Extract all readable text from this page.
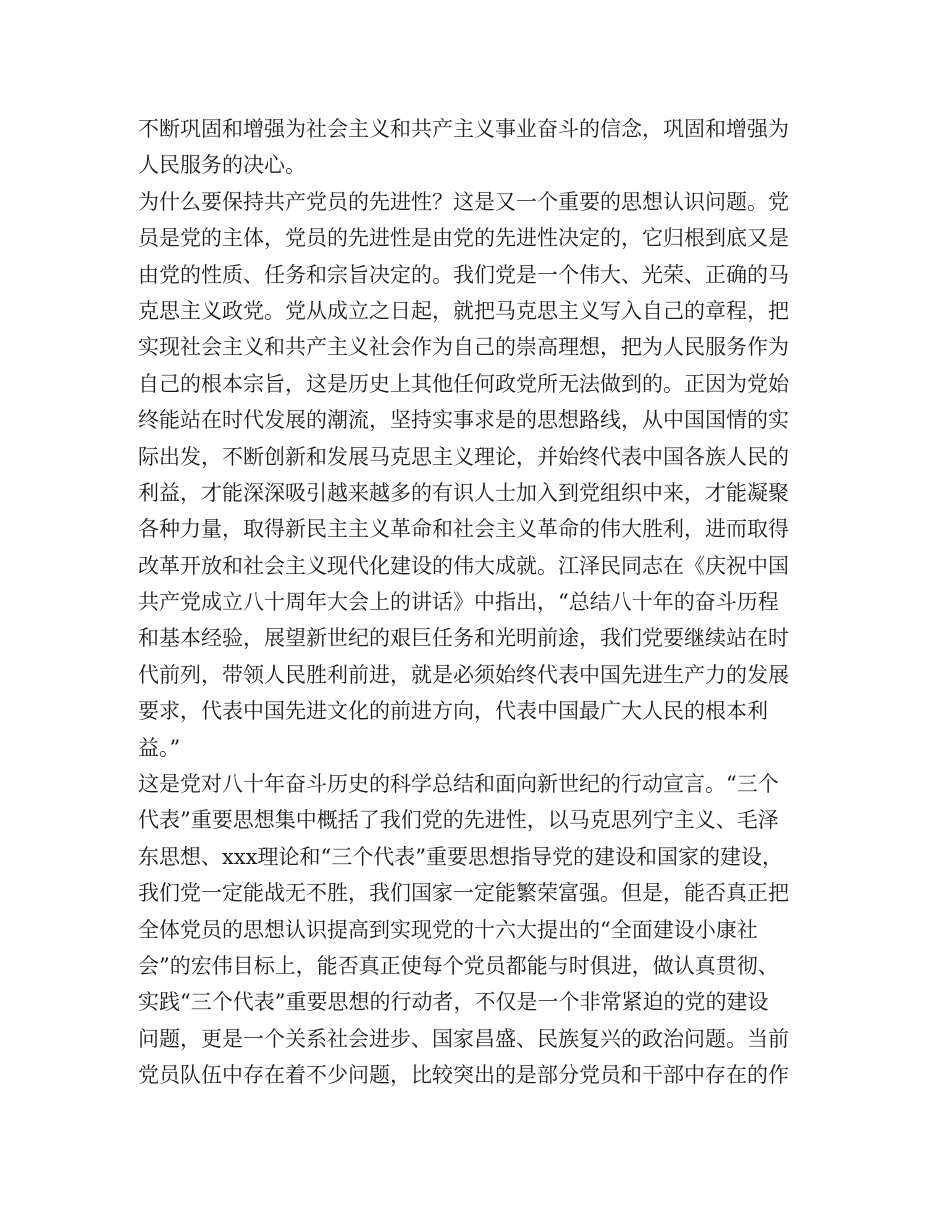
不断巩固和增强为社会主义和共产主义事业奋斗的信念，巩固和增强为
人民服务的决心。
为什么要保持共产党员的先进性？这是又一个重要的思想认识问题。党
员是党的主体，党员的先进性是由党的先进性决定的，它归根到底又是
由党的性质、任务和宗旨决定的。我们党是一个伟大、光荣、正确的马
克思主义政党。党从成立之日起，就把马克思主义写入自己的章程，把
实现社会主义和共产主义社会作为自己的崇高理想，把为人民服务作为
自己的根本宗旨，这是历史上其他任何政党所无法做到的。正因为党始
终能站在时代发展的潮流，坚持实事求是的思想路线，从中国国情的实
际出发，不断创新和发展马克思主义理论，并始终代表中国各族人民的
利益，才能深深吸引越来越多的有识人士加入到党组织中来，才能凝聚
各种力量，取得新民主主义革命和社会主义革命的伟大胜利，进而取得
改革开放和社会主义现代化建设的伟大成就。江泽民同志在《庆祝中国
共产党成立八十周年大会上的讲话》中指出，“总结八十年的奋斗历程
和基本经验，展望新世纪的艰巨任务和光明前途，我们党要继续站在时
代前列，带领人民胜利前进，就是必须始终代表中国先进生产力的发展
要求，代表中国先进文化的前进方向，代表中国最广大人民的根本利
益。”
这是党对八十年奋斗历史的科学总结和面向新世纪的行动宣言。“三个
代表”重要思想集中概括了我们党的先进性，以马克思列宁主义、毛泽
东思想、xxx理论和“三个代表”重要思想指导党的建设和国家的建设，
我们党一定能战无不胜，我们国家一定能繁荣富强。但是，能否真正把
全体党员的思想认识提高到实现党的十六大提出的“全面建设小康社
会”的宏伟目标上，能否真正使每个党员都能与时俱进，做认真贯彻、
实践“三个代表”重要思想的行动者，不仅是一个非常紧迫的党的建设
问题，更是一个关系社会进步、国家昌盛、民族复兴的政治问题。当前
党员队伍中存在着不少问题，比较突出的是部分党员和干部中存在的作
